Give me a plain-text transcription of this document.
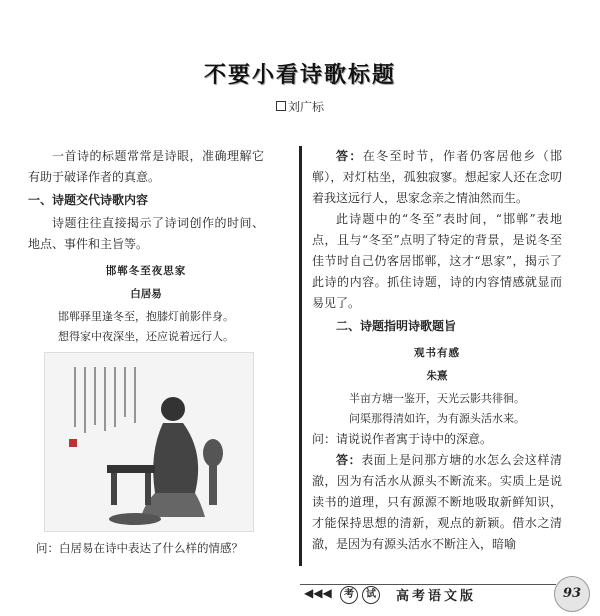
不要小看诗歌标题
刘广标

一首诗的标题常常是诗眼，准确理解它有助于破译作者的真意。

一、诗题交代诗歌内容

诗题往往直接揭示了诗词创作的时间、地点、事件和主旨等。

邯郸冬至夜思家
白居易

邯郸驿里逢冬至，抱膝灯前影伴身。

想得家中夜深坐，还应说着远行人。

问：白居易在诗中表达了什么样的情感？

答：在冬至时节，作者仍客居他乡（邯郸），对灯枯坐，孤独寂寥。想起家人还在念叨着我这远行人，思家念亲之情油然而生。

此诗题中的“冬至”表时间，“邯郸”表地点，且与“冬至”点明了特定的背景，是说冬至佳节时自己仍客居邯郸，这才“思家”，揭示了此诗的内容。抓住诗题，诗的内容情感就显而易见了。

二、诗题指明诗歌题旨
观书有感
朱熹

半亩方塘一鉴开，天光云影共徘徊。

问渠那得清如许，为有源头活水来。

问：请说说作者寓于诗中的深意。

答：表面上是问那方塘的水怎么会这样清澈，因为有活水从源头不断流来。实质上是说读书的道理，只有源源不断地吸取新鲜知识，才能保持思想的清新，观点的新颖。借水之清澈，是因为有源头活水不断注入，暗喻

◀◀◀	考	试	高考语文版	93
